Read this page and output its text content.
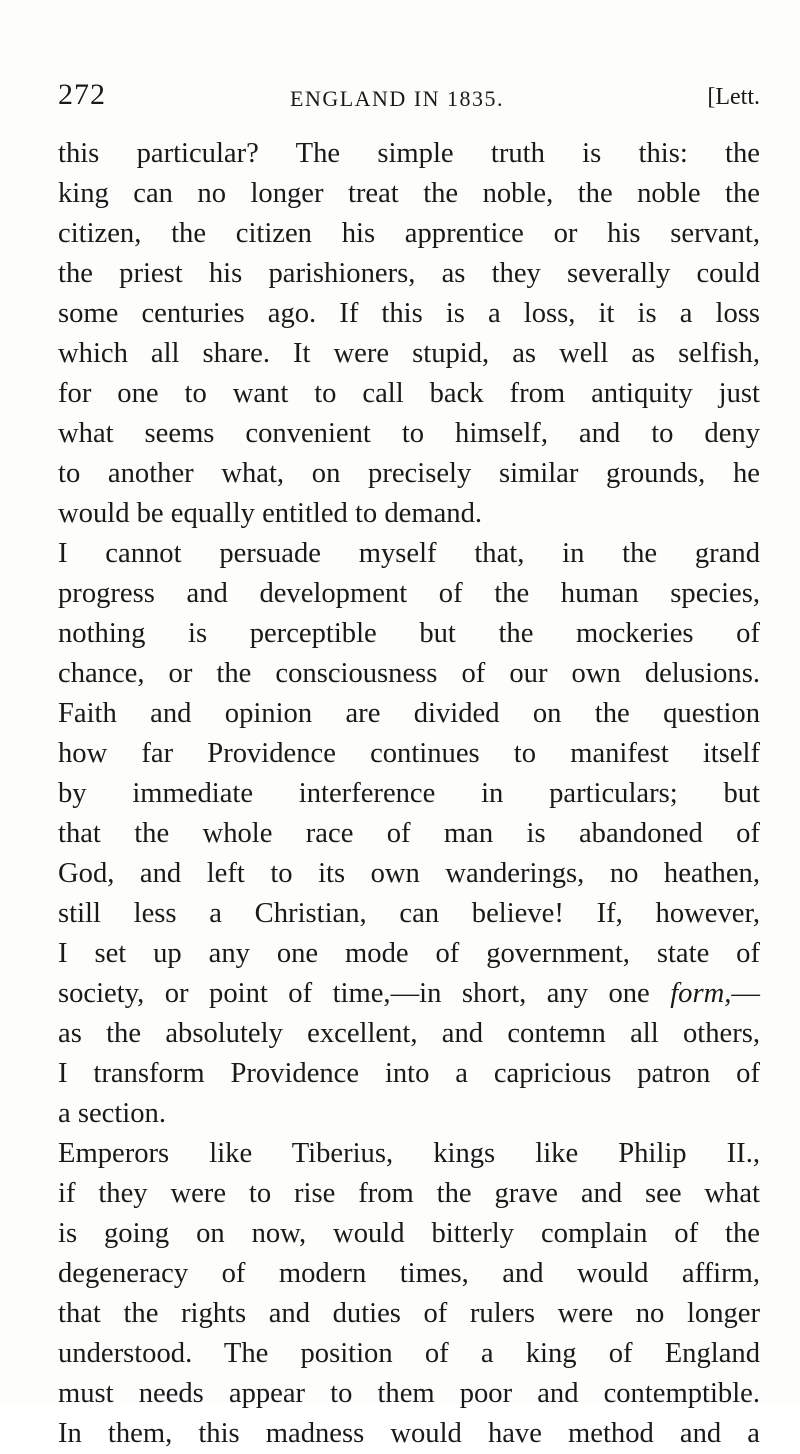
272	ENGLAND IN 1835.	[Lett.
this particular? The simple truth is this: the
king can no longer treat the noble, the noble the
citizen, the citizen his apprentice or his servant,
the priest his parishioners, as they severally could
some centuries ago. If this is a loss, it is a loss
which all share. It were stupid, as well as selfish,
for one to want to call back from antiquity just
what seems convenient to himself, and to deny
to another what, on precisely similar grounds, he
would be equally entitled to demand.
I cannot persuade myself that, in the grand
progress and development of the human species,
nothing is perceptible but the mockeries of
chance, or the consciousness of our own delusions.
Faith and opinion are divided on the question
how far Providence continues to manifest itself
by immediate interference in particulars; but
that the whole race of man is abandoned of
God, and left to its own wanderings, no heathen,
still less a Christian, can believe! If, however,
I set up any one mode of government, state of
society, or point of time,—in short, any one form,—
as the absolutely excellent, and contemn all others,
I transform Providence into a capricious patron of
a section.
Emperors like Tiberius, kings like Philip II.,
if they were to rise from the grave and see what
is going on now, would bitterly complain of the
degeneracy of modern times, and would affirm,
that the rights and duties of rulers were no longer
understood. The position of a king of England
must needs appear to them poor and contemptible.
In them, this madness would have method and a
